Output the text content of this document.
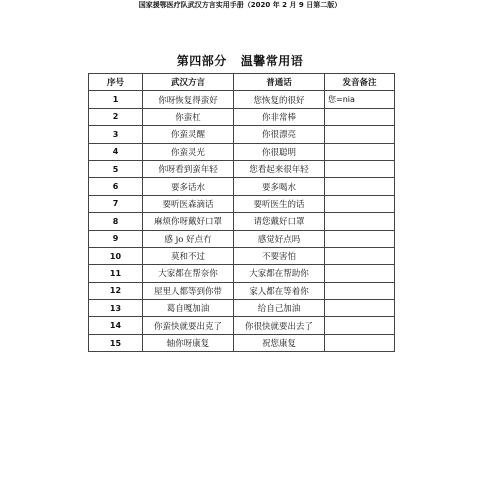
国家援鄂医疗队武汉方言实用手册（2020 年 2 月 9 日第二版）
第四部分 温馨常用语
序号	武汉方言	普通话	发音备注
1	你呀恢复得蛮好	您恢复的很好	您=nia
2	你蛮杠	你非常棒	
3	你蛮灵醒	你很漂亮	
4	你蛮灵光	你很聪明	
5	你呀看到蛮年轻	您看起来很年轻	
6	要多话水	要多喝水	
7	要听医森滴话	要听医生的话	
8	麻烦你呀戴好口罩	请您戴好口罩	
9	感 jo 好点冇	感觉好点吗	
10	莫和不过	不要害怕	
11	大家都在帮奈你	大家都在帮助你	
12	屋里人都等到你带	家人都在等着你	
13	葛自嘎加油	给自己加油	
14	你蛮快就要出克了	你很快就要出去了	
15	轴你呀康复	祝您康复	
